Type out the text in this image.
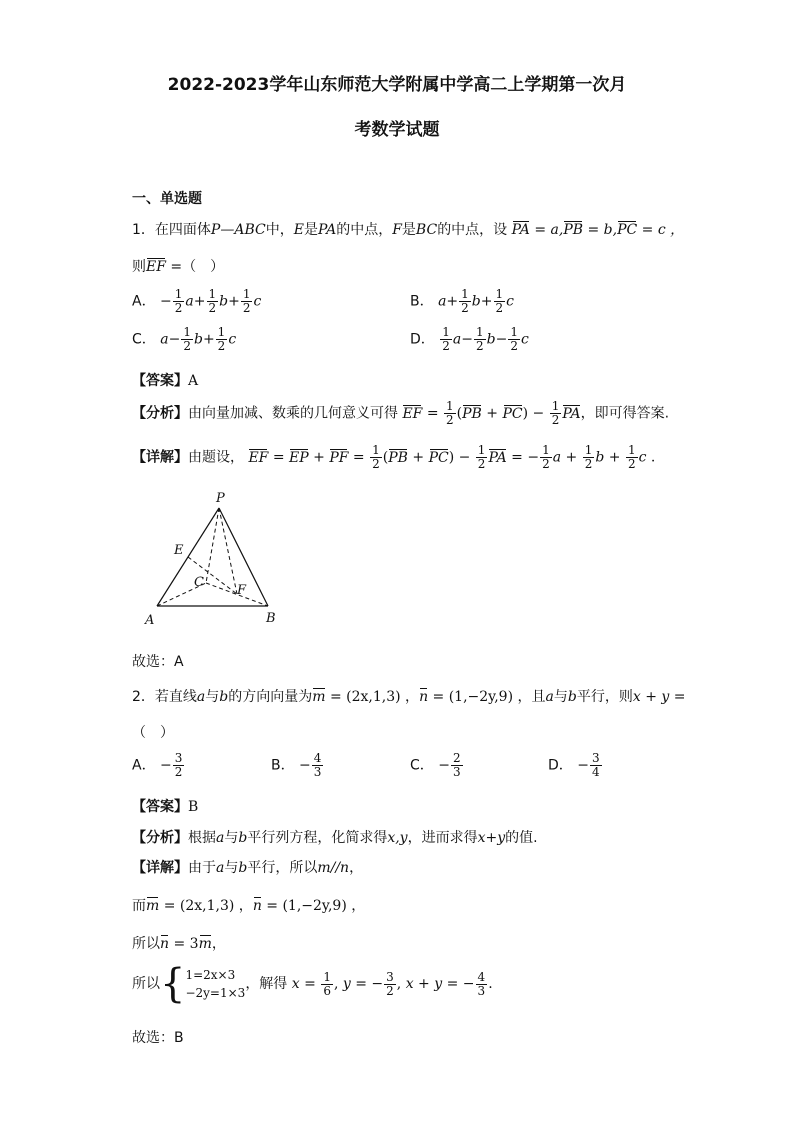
2022-2023学年山东师范大学附属中学高二上学期第一次月
考数学试题
一、单选题
1．在四面体P—ABC中，E是PA的中点，F是BC的中点，设 PA = a,PB = b,PC = c ，
则EF =（　）
A． − $\frac{1}{2} a+ \frac{1}{2} b+ \frac{1}{2}$ c	B． $a+ \frac{1}{2} b+ \frac{1}{2}$ c
C． $a- \frac{1}{2} b+ \frac{1}{2}$ c	D． $\frac{1}{2} a- \frac{1}{2} b- \frac{1}{2}$ c
【答案】A
【分析】由向量加减、数乘的几何意义可得 EF = $\frac{1}{2} (PB + PC) - \frac{1}{2}$ PA，即可得答案.
【详解】由题设， EF = EP + PF = $\frac{1}{2} (PB + PC) - \frac{1}{2}$ PA = − $\frac{1}{2}$ $a + \frac{1}{2}$ $b + \frac{1}{2}$ c .
P
E
C
F
A	B
故选：A
2．若直线a与b的方向向量为m = (2x,1,3) ，n = (1,−2y,9) ，且a与b平行，则x + y =
（　）
A． − $\frac{3}{2}$	B． − $\frac{4}{3}$	C． − $\frac{2}{3}$	D． − $\frac{3}{4}$
【答案】B
【分析】根据a与b平行列方程，化简求得x,y，进而求得x+y的值.
【详解】由于a与b平行，所以m//n，
而m = (2x,1,3) ，n = (1,−2y,9) ，
所以n = 3m，
所以{ 1=2x×3
−2y=1×3
，解得 $x = \frac{1}{6}$ , y = − $\frac{3}{2}$ , x + y = − $\frac{4}{3}$ .
故选：B
